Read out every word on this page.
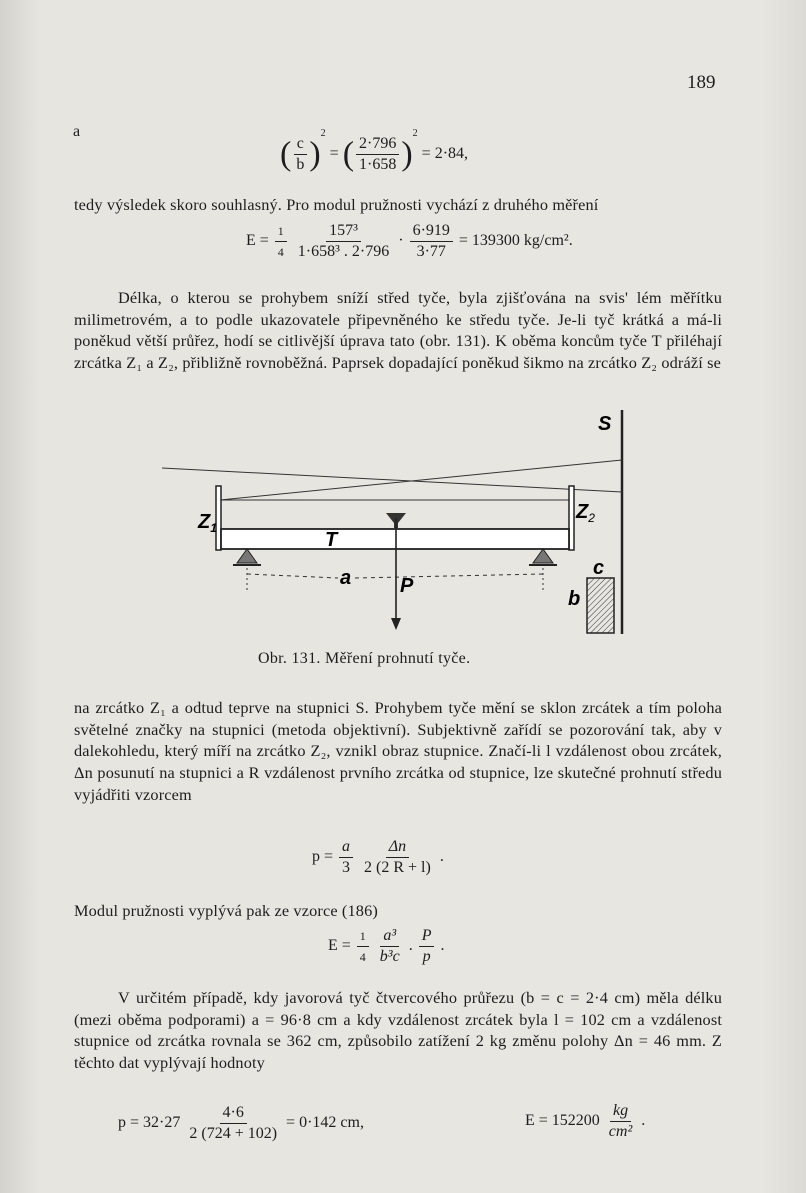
189
a
( $\frac{c}{b} )^2$ = ( $\frac{2\cdot 796}{1\cdot 658} )^2 = 2\cdot 84$,
tedy výsledek skoro souhlasný. Pro modul pružnosti vychází z druhého měření
$E = \frac{1}{4}$
$\frac{\text{157³}}{\text{1·658³ . 2·796}} \cdot \frac{6\cdot 919}{3\cdot 77} = 139300$ kg/cm².
Délka, o kterou se prohybem sníží střed tyče, byla zjišťována na svis' lém měřítku milimetrovém, a to podle ukazovatele připevněného ke středu tyče. Je-li tyč krátká a má-li poněkud větší průřez, hodí se citlivější úprava tato (obr. 131). K oběma koncům tyče T přiléhají zrcátka Z₁ a Z₂, přibližně rovnoběžná. Paprsek dopadající poněkud šikmo na zrcátko Z₂ odráží se
S
$Z_1$
$Z_2$
T
a P
c
b
Obr. 131. Měření prohnutí tyče.
na zrcátko Z₁ a odtud teprve na stupnici S. Prohybem tyče mění se sklon zrcátek a tím poloha světelné značky na stupnici (metoda objektivní). Subjektivně zařídí se pozorování tak, aby v dalekohledu, který míří na zrcátko Z₂, vznikl obraz stupnice. Značí-li l vzdálenost obou zrcátek, Δn posunutí na stupnici a R vzdálenost prvního zrcátka od stupnice, lze skutečné prohnutí středu vyjádřiti vzorcem
$p = \frac{a}{3}$
$\frac{\Delta n}{2 (2 R + l)}$ .
Modul pružnosti vyplývá pak ze vzorce (186)
$E = \frac{1}{4}$
$\frac{\text{a³}}{\text{b³c}}$ . $\frac{P}{p}$ .
V určitém případě, kdy javorová tyč čtvercového průřezu (b = c = 2·4 cm) měla délku (mezi oběma podporami) a = 96·8 cm a kdy vzdálenost zrcátek byla l = 102 cm a vzdálenost stupnice od zrcátka rovnala se 362 cm, způsobilo zatížení 2 kg změnu polohy Δn = 46 mm. Z těchto dat vyplývají hodnoty
$p = 32\cdot 27 \frac{4\cdot 6}{2 (724 + 102)} = 0\cdot 142$ cm,	$E = 152200 \frac{kg}{\text{cm²}}$ .
